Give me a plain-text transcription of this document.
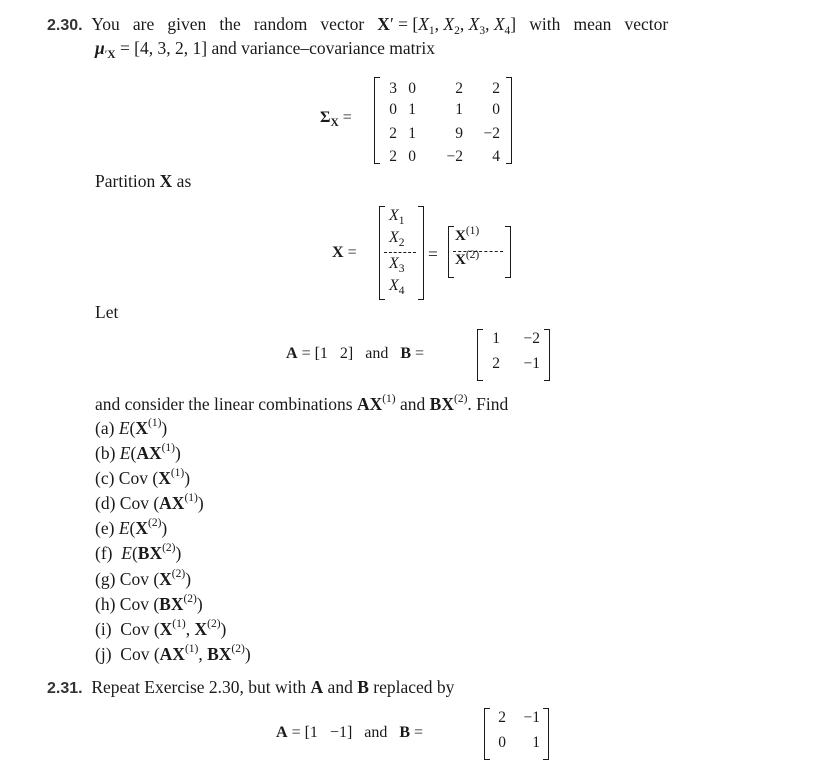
2.30.  You   are   given   the   random   vector   $X' = [X_1$, $X_2$, $X_3$, $X_4$]   with   mean   vector
$\mu_{'X} = [4$, 3, 2, 1] and variance–covariance matrix
$\Sigma_X$ =
3 0	2	2
0 1	1	0
2 1	9	−2
2 0	−2	4
Partition X as
X =
$X_1$
$X_2$
$X_3$
$X_4$
=
$X^{(1)}$
$X^{(2)}$
Let
A = [1   2]   and   B =
1	−2
2	−1
and consider the linear combinations AX$^{(1)}$ and BX$^{(2)}$. Find
(a) $E(X^{(1)})$
(b) E(AX$^{(1)}$)
(c) Cov $(X^{(1)})$
(d) Cov (AX$^{(1)}$)
(e) $E(X^{(2)})$
(f)  E(BX$^{(2)}$)
(g) Cov $(X^{(2)})$
(h) Cov (BX$^{(2)}$)
(i)  Cov ($X^{(1)}$, $X^{(2)}$)
(j)  Cov (AX$^{(1)}$, BX$^{(2)}$)
2.31.  Repeat Exercise 2.30, but with A and B replaced by
A = [1   −1]   and   B =
2	−1
0	1
